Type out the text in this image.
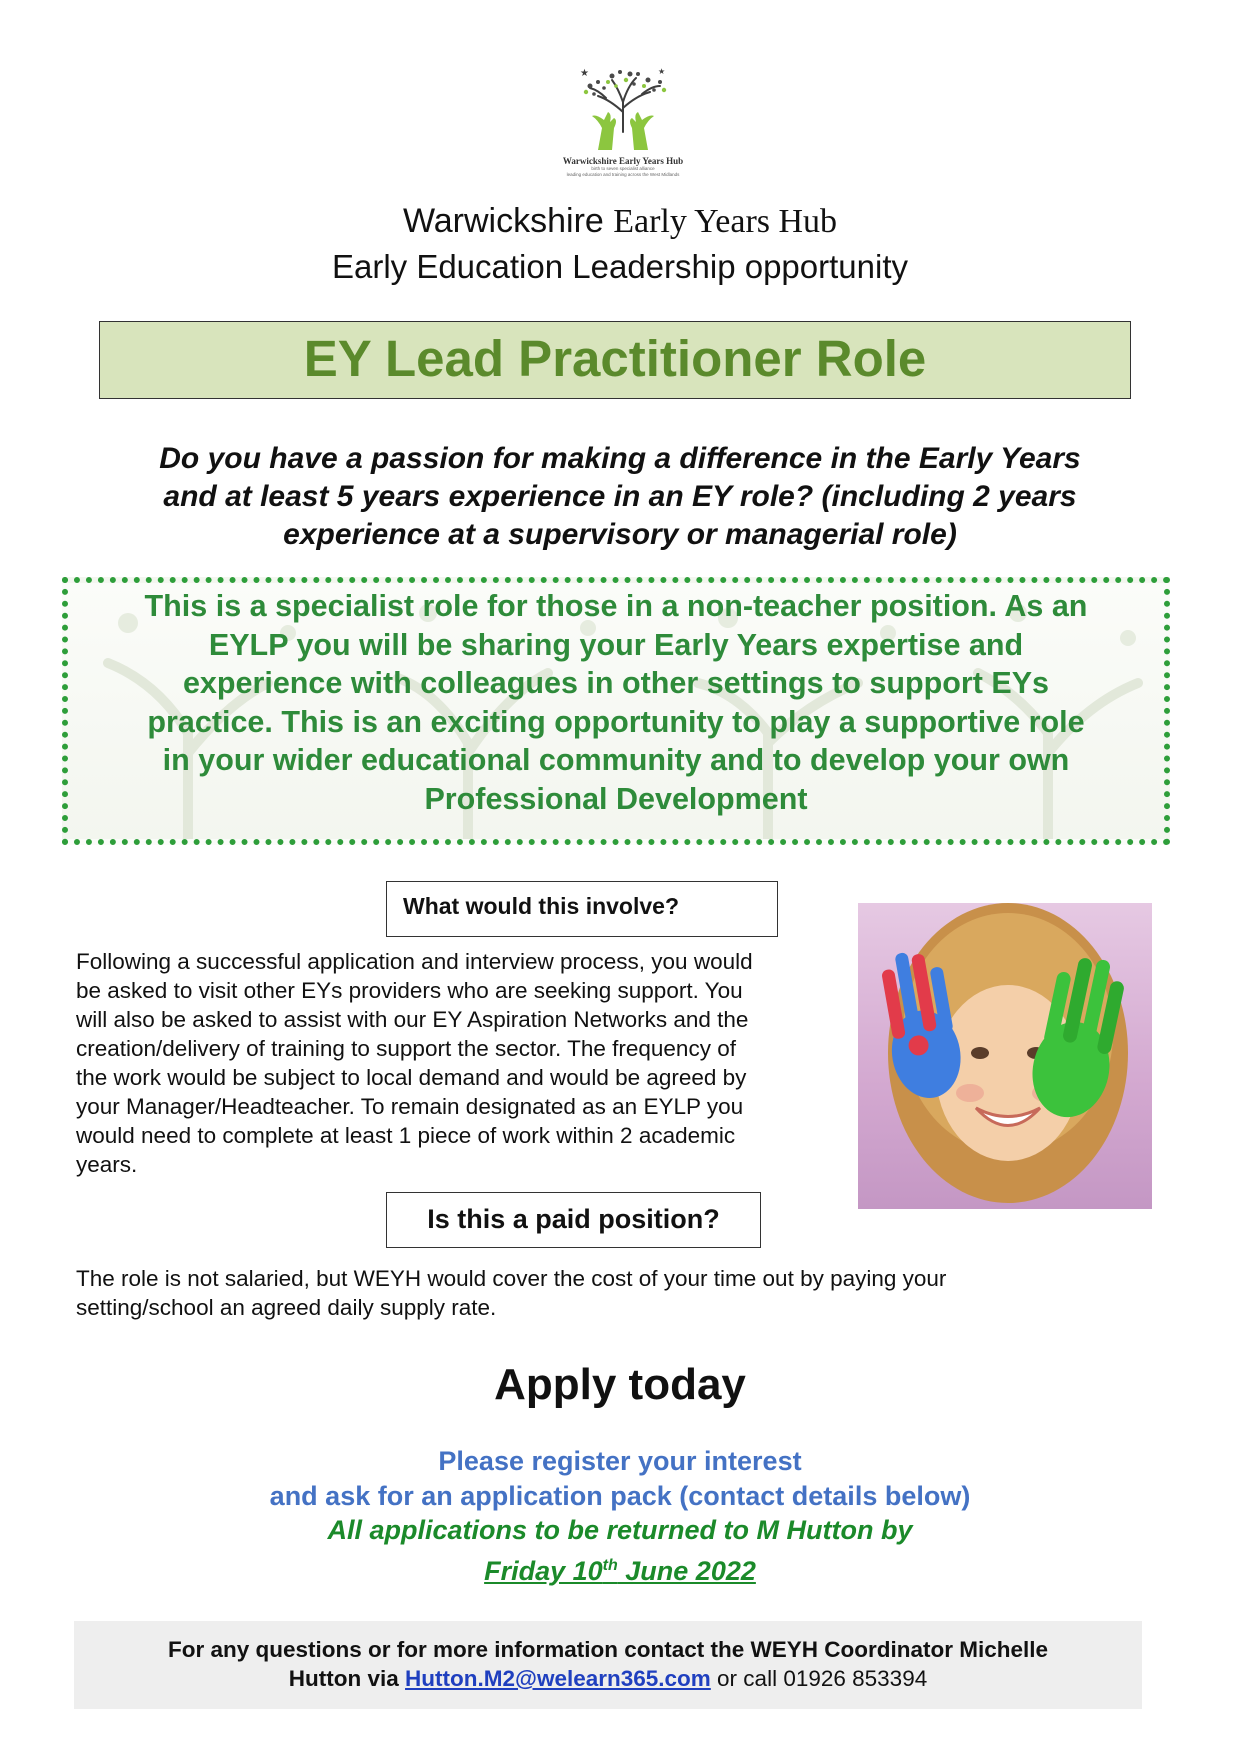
★	★
Warwickshire Early Years Hub
birth to seven specialist alliance
leading education and training across the West Midlands
Warwickshire Early Years Hub
Early Education Leadership opportunity
EY Lead Practitioner Role
Do you have a passion for making a difference in the Early Years
and at least 5 years experience in an EY role? (including 2 years
experience at a supervisory or managerial role)
This is a specialist role for those in a non-teacher position. As an
EYLP you will be sharing your Early Years expertise and
experience with colleagues in other settings to support EYs
practice. This is an exciting opportunity to play a supportive role
in your wider educational community and to develop your own
Professional Development
What would this involve?
Following a successful application and interview process, you would
be asked to visit other EYs providers who are seeking support. You
will also be asked to assist with our EY Aspiration Networks and the
creation/delivery of training to support the sector. The frequency of
the work would be subject to local demand and would be agreed by
your Manager/Headteacher. To remain designated as an EYLP you
would need to complete at least 1 piece of work within 2 academic
years.
Is this a paid position?
The role is not salaried, but WEYH would cover the cost of your time out by paying your
setting/school an agreed daily supply rate.
Apply today
Please register your interest
and ask for an application pack (contact details below)
All applications to be returned to M Hutton by
Friday 10th June 2022
For any questions or for more information contact the WEYH Coordinator Michelle
Hutton via Hutton.M2@welearn365.com or call 01926 853394
